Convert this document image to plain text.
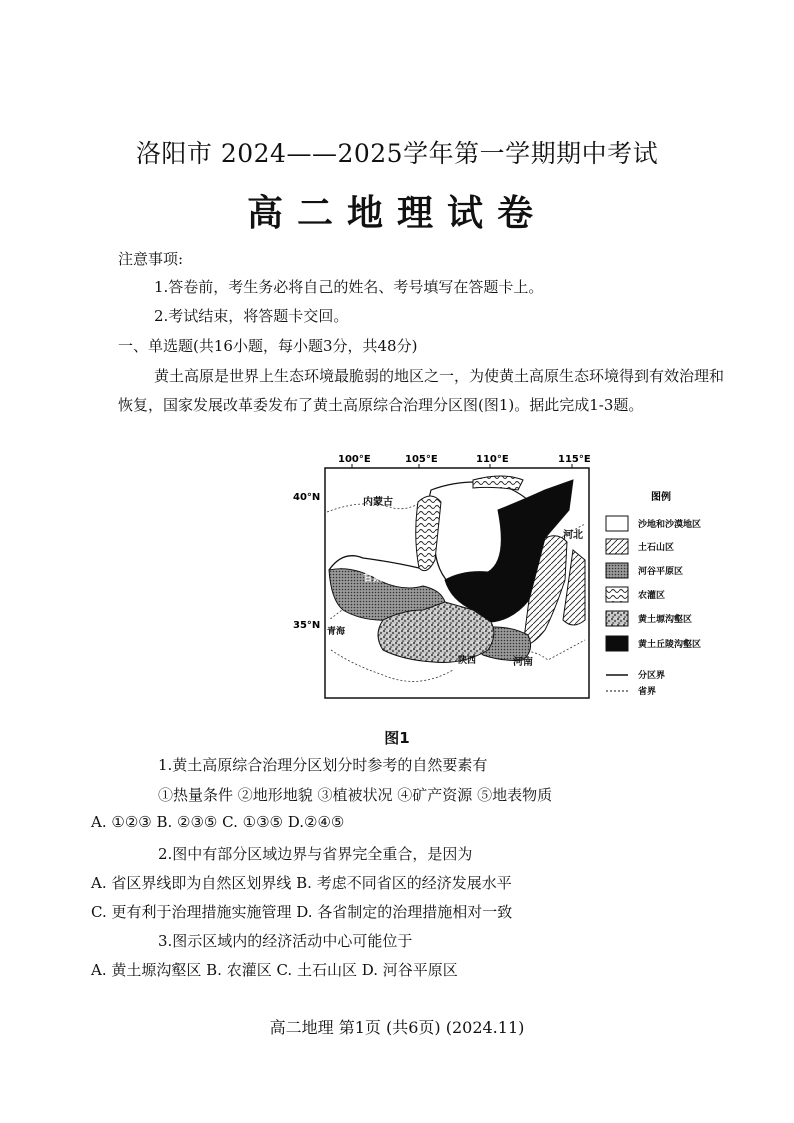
洛阳市 2024——2025学年第一学期期中考试
高二地理试卷
注意事项:
1.答卷前，考生务必将自己的姓名、考号填写在答题卡上。
2.考试结束，将答题卡交回。
一、单选题(共16小题，每小题3分，共48分)
黄土高原是世界上生态环境最脆弱的地区之一，为使黄土高原生态环境得到有效治理和恢复，国家发展改革委发布了黄土高原综合治理分区图(图1)。据此完成1-3题。
100°E	105°E	110°E	115°E
40°N
35°N
内蒙古
甘肃
青海
陕西	河南
河北
图例
沙地和沙漠地区
土石山区
河谷平原区
农灌区
黄土塬沟壑区
黄土丘陵沟壑区
分区界
省界
图1
1.黄土高原综合治理分区划分时参考的自然要素有
①热量条件 ②地形地貌 ③植被状况 ④矿产资源 ⑤地表物质
A. ①②③ B. ②③⑤ C. ①③⑤ D.②④⑤
2.图中有部分区域边界与省界完全重合，是因为
A. 省区界线即为自然区划界线 B. 考虑不同省区的经济发展水平
C. 更有利于治理措施实施管理 D. 各省制定的治理措施相对一致
3.图示区域内的经济活动中心可能位于
A. 黄土塬沟壑区 B. 农灌区 C. 土石山区 D. 河谷平原区
高二地理 第1页 (共6页) (2024.11)
